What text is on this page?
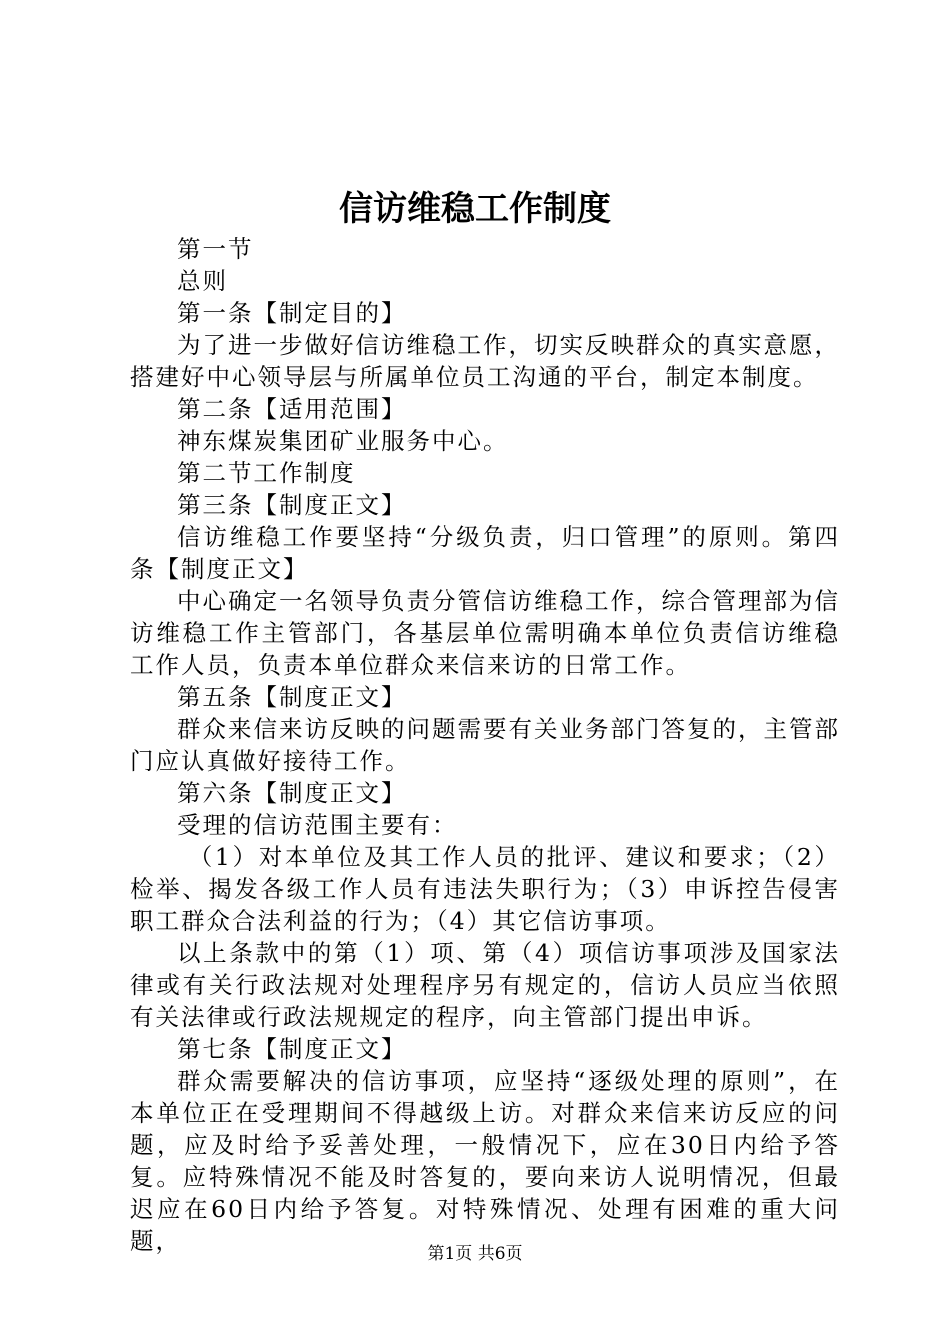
信访维稳工作制度

第一节

总则

第一条【制定目的】

为了进一步做好信访维稳工作，切实反映群众的真实意愿，搭建好中心领导层与所属单位员工沟通的平台，制定本制度。

第二条【适用范围】

神东煤炭集团矿业服务中心。

第二节工作制度

第三条【制度正文】

信访维稳工作要坚持“分级负责，归口管理”的原则。第四条【制度正文】

中心确定一名领导负责分管信访维稳工作，综合管理部为信访维稳工作主管部门，各基层单位需明确本单位负责信访维稳工作人员，负责本单位群众来信来访的日常工作。

第五条【制度正文】

群众来信来访反映的问题需要有关业务部门答复的，主管部门应认真做好接待工作。

第六条【制度正文】

受理的信访范围主要有：

（1）对本单位及其工作人员的批评、建议和要求；（2）检举、揭发各级工作人员有违法失职行为；（3）申诉控告侵害职工群众合法利益的行为；（4）其它信访事项。

以上条款中的第（1）项、第（4）项信访事项涉及国家法律或有关行政法规对处理程序另有规定的，信访人员应当依照有关法律或行政法规规定的程序，向主管部门提出申诉。

第七条【制度正文】

群众需要解决的信访事项，应坚持“逐级处理的原则”，在本单位正在受理期间不得越级上访。对群众来信来访反应的问题，应及时给予妥善处理，一般情况下，应在30日内给予答复。应特殊情况不能及时答复的，要向来访人说明情况，但最迟应在60日内给予答复。对特殊情况、处理有困难的重大问题，	第1页 共6页
